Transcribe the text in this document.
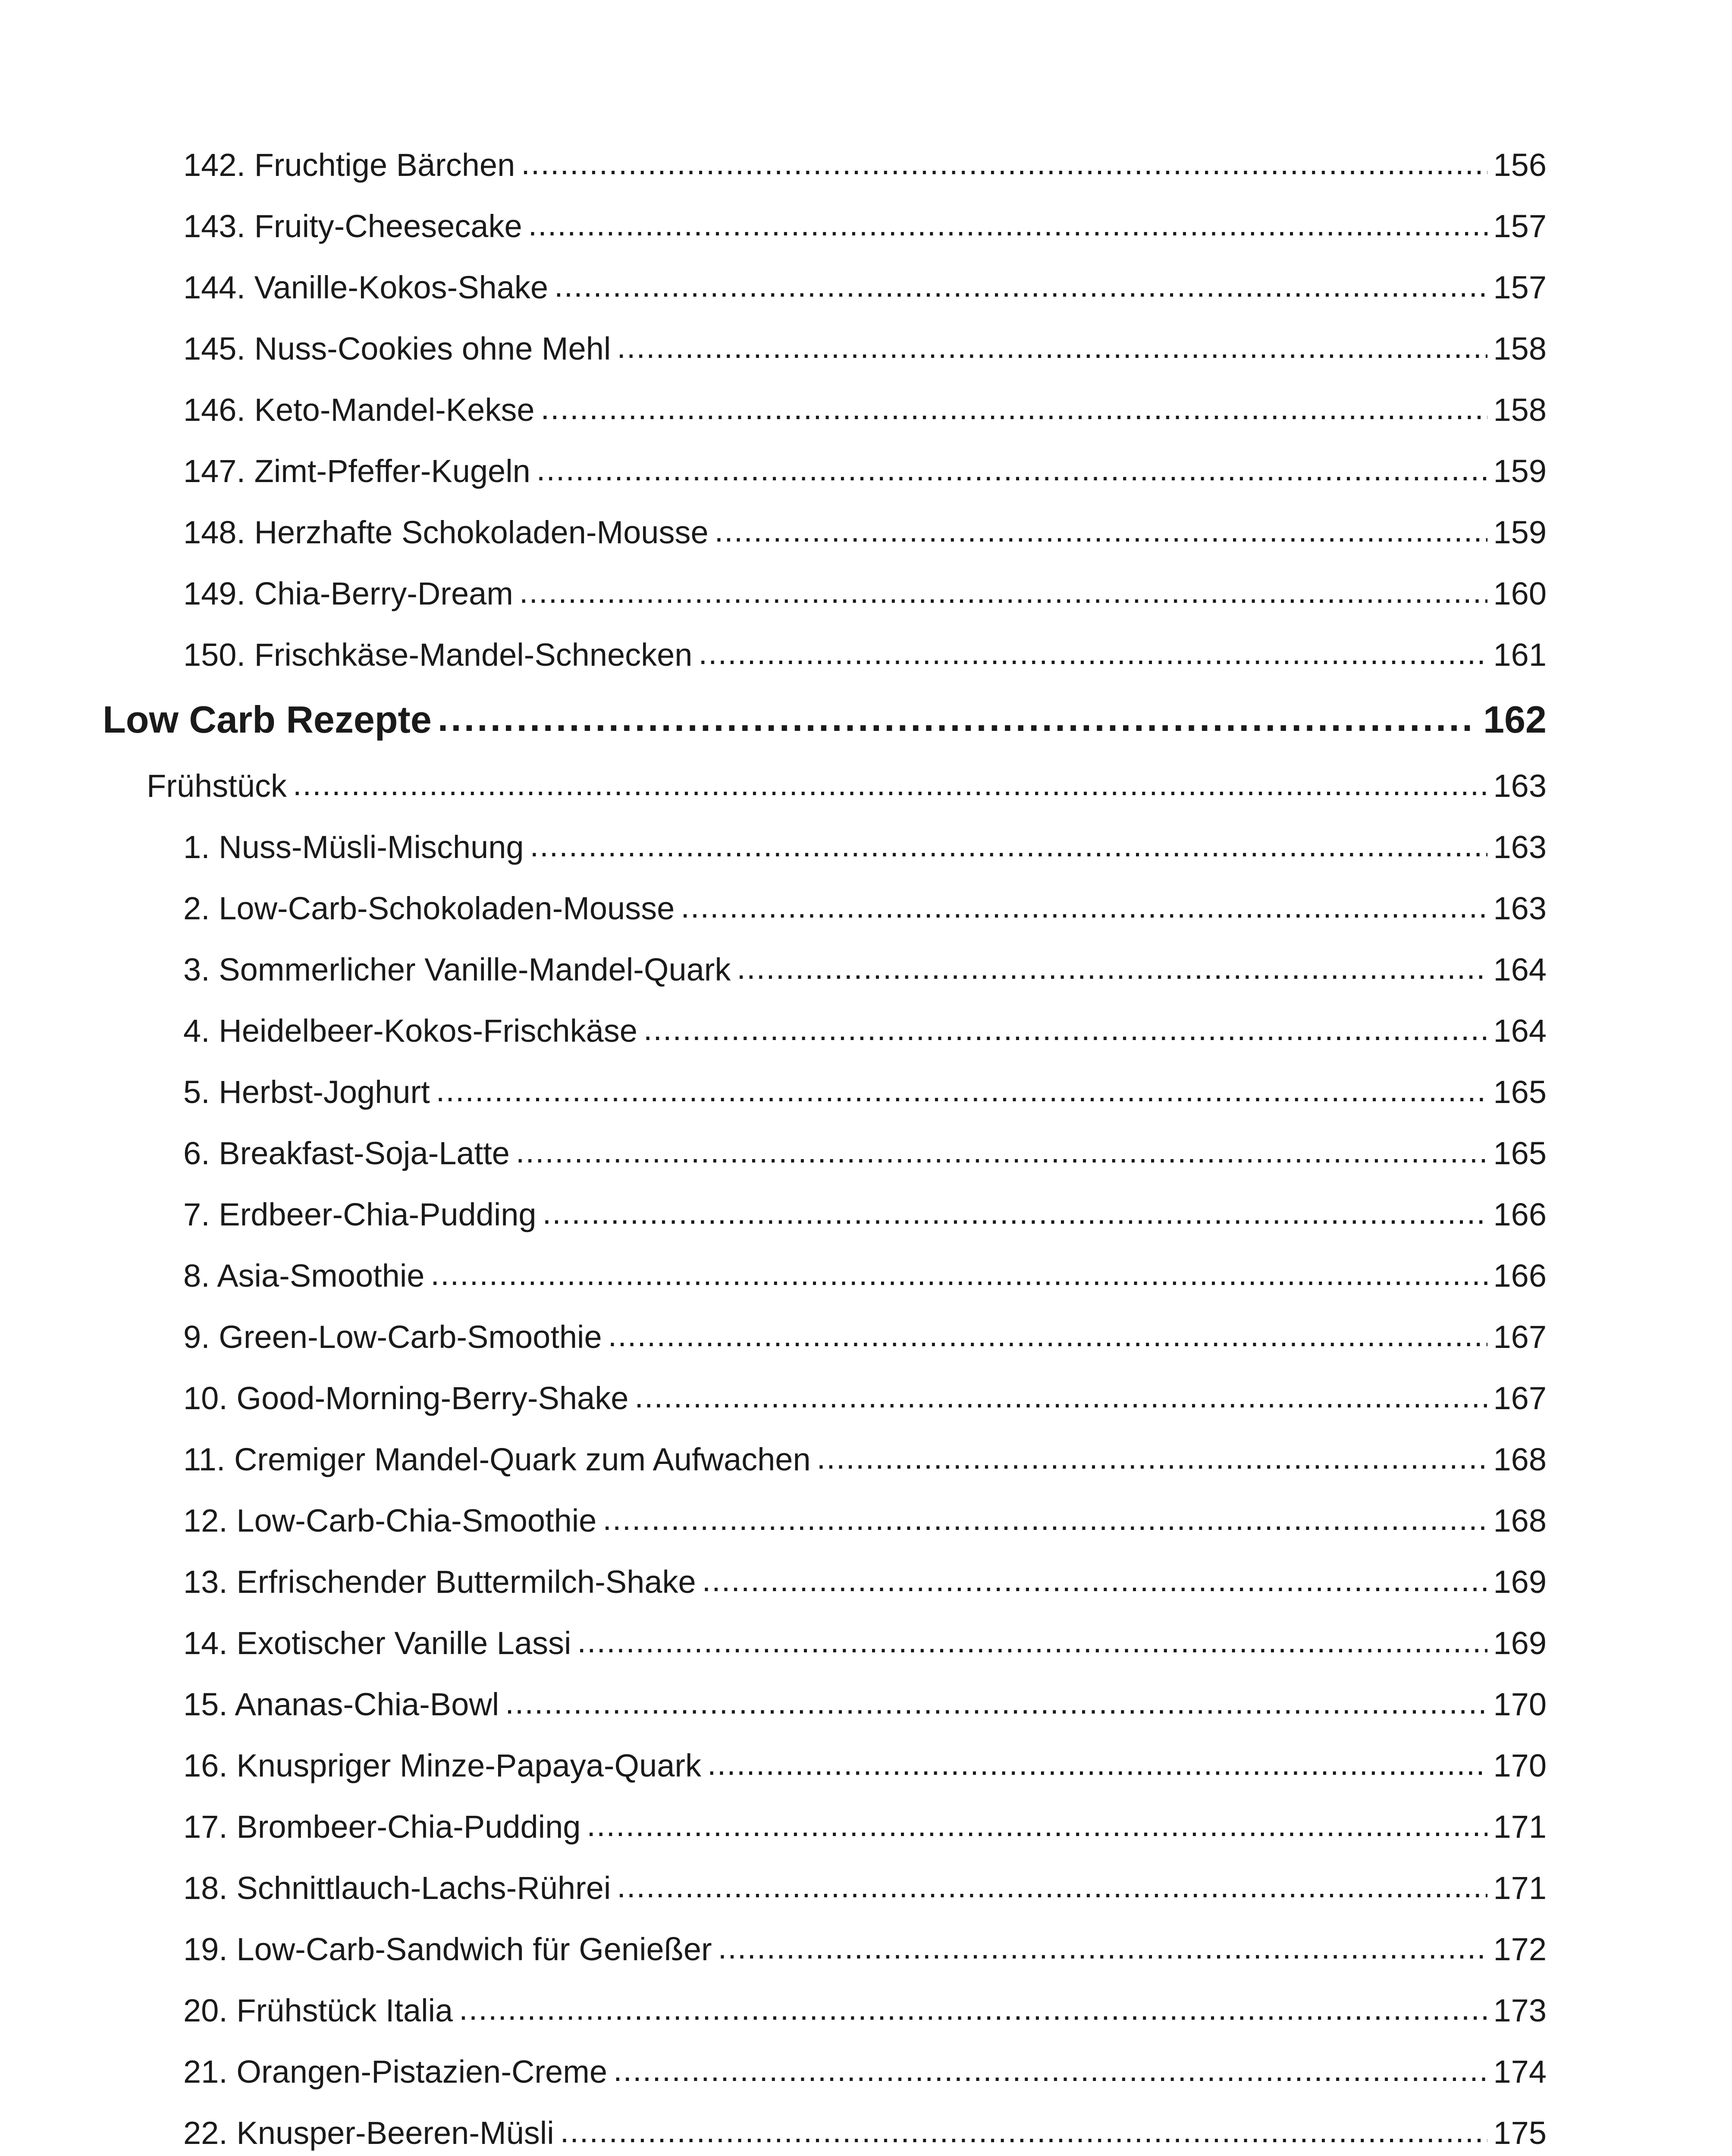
142. Fruchtige Bärchen .....	156
143. Fruity-Cheesecake .....	157
144. Vanille-Kokos-Shake .....	157
145. Nuss-Cookies ohne Mehl .....	158
146. Keto-Mandel-Kekse .....	158
147. Zimt-Pfeffer-Kugeln .....	159
148. Herzhafte Schokoladen-Mousse .....	159
149. Chia-Berry-Dream .....	160
150. Frischkäse-Mandel-Schnecken .....	161
Low Carb Rezepte .....	162
Frühstück .....	163
1. Nuss-Müsli-Mischung .....	163
2. Low-Carb-Schokoladen-Mousse .....	163
3. Sommerlicher Vanille-Mandel-Quark .....	164
4. Heidelbeer-Kokos-Frischkäse .....	164
5. Herbst-Joghurt .....	165
6. Breakfast-Soja-Latte .....	165
7. Erdbeer-Chia-Pudding .....	166
8. Asia-Smoothie .....	166
9. Green-Low-Carb-Smoothie .....	167
10. Good-Morning-Berry-Shake .....	167
11. Cremiger Mandel-Quark zum Aufwachen .....	168
12. Low-Carb-Chia-Smoothie .....	168
13. Erfrischender Buttermilch-Shake .....	169
14. Exotischer Vanille Lassi .....	169
15. Ananas-Chia-Bowl .....	170
16. Knuspriger Minze-Papaya-Quark .....	170
17. Brombeer-Chia-Pudding .....	171
18. Schnittlauch-Lachs-Rührei .....	171
19. Low-Carb-Sandwich für Genießer .....	172
20. Frühstück Italia .....	173
21. Orangen-Pistazien-Creme .....	174
22. Knusper-Beeren-Müsli .....	175
